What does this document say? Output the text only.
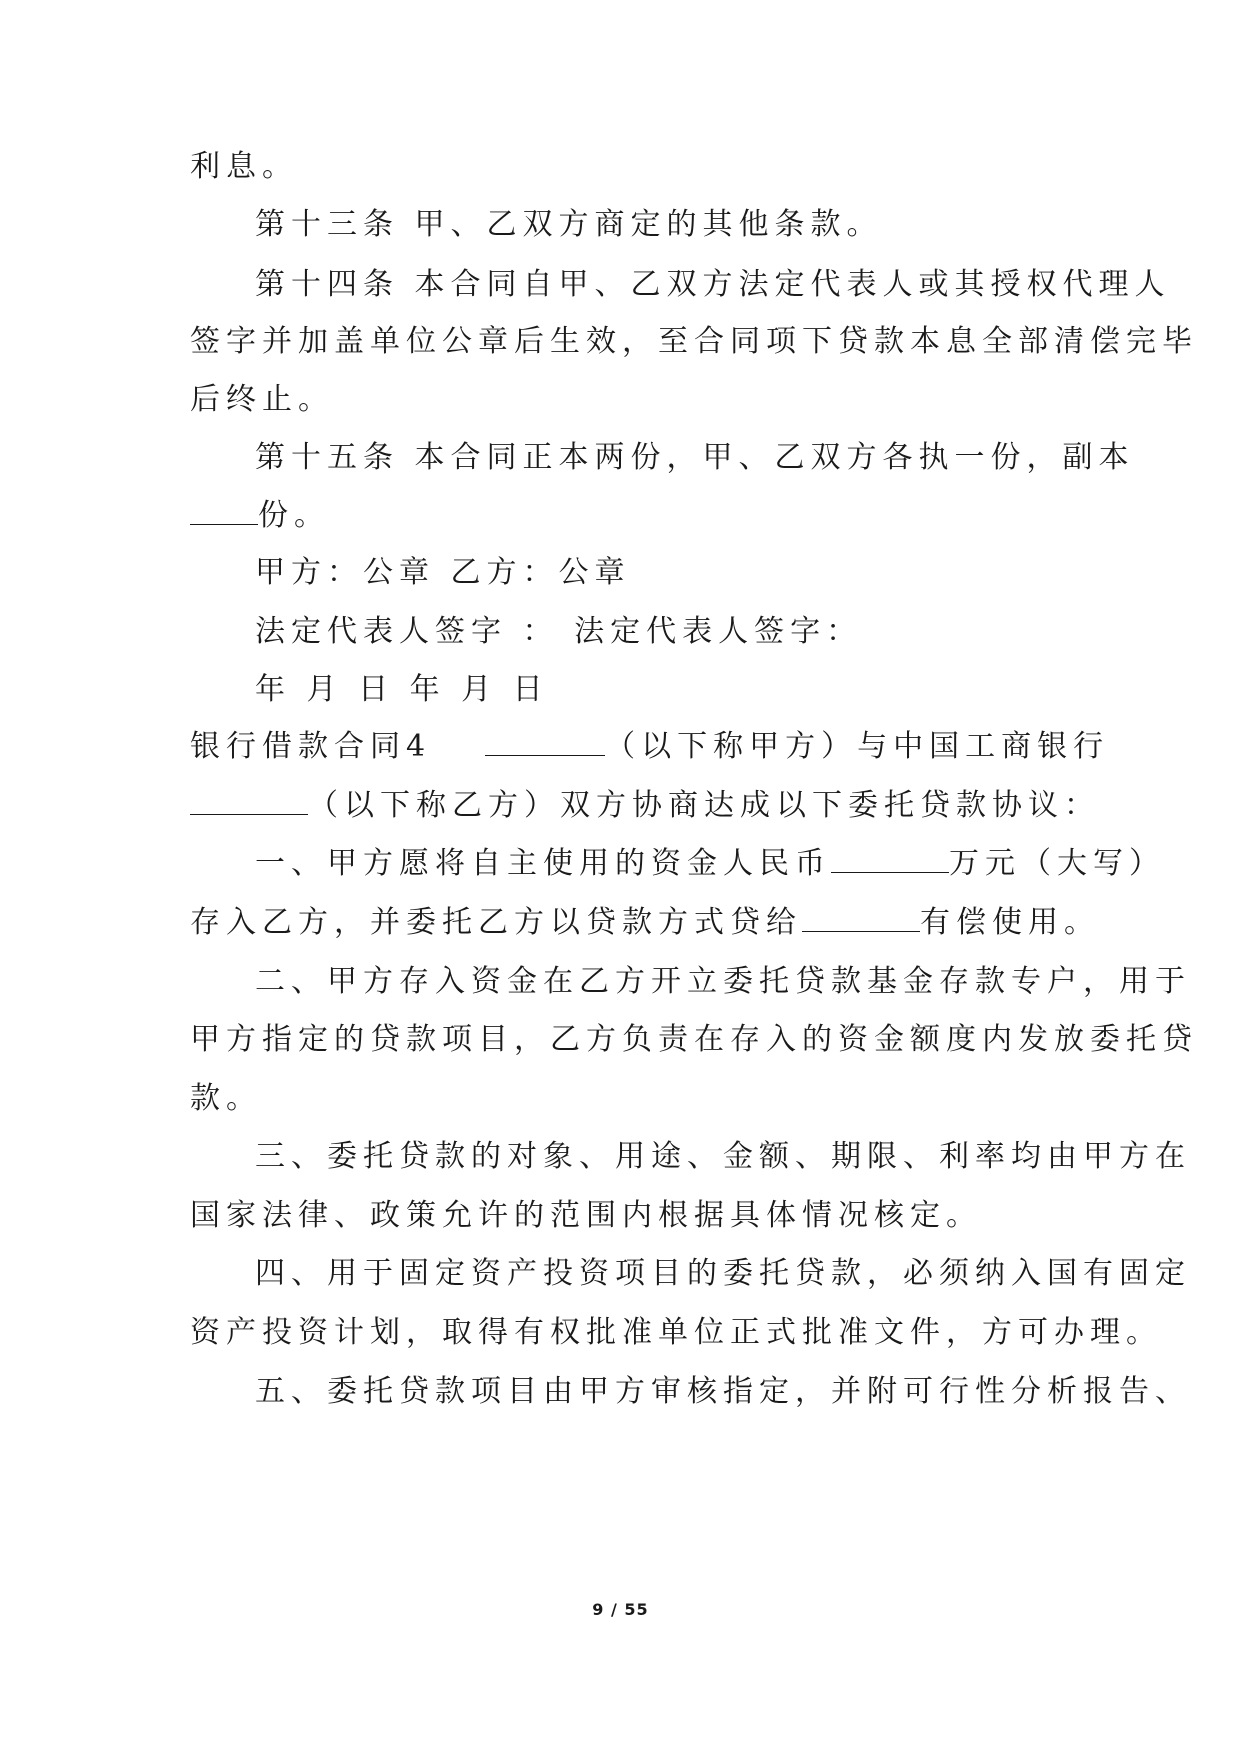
利息。
第十三条 甲、乙双方商定的其他条款。
第十四条 本合同自甲、乙双方法定代表人或其授权代理人
签字并加盖单位公章后生效，至合同项下贷款本息全部清偿完毕
后终止。
第十五条 本合同正本两份，甲、乙双方各执一份，副本
份。
甲方：公章 乙方：公章
法定代表人签字 ： 法定代表人签字：
年 月 日 年 月 日
银行借款合同4	（以下称甲方）与中国工商银行
（以下称乙方）双方协商达成以下委托贷款协议：
一、甲方愿将自主使用的资金人民币	万元（大写）
存入乙方，并委托乙方以贷款方式贷给	有偿使用。
二、甲方存入资金在乙方开立委托贷款基金存款专户，用于
甲方指定的贷款项目，乙方负责在存入的资金额度内发放委托贷
款。
三、委托贷款的对象、用途、金额、期限、利率均由甲方在
国家法律、政策允许的范围内根据具体情况核定。
四、用于固定资产投资项目的委托贷款，必须纳入国有固定
资产投资计划，取得有权批准单位正式批准文件，方可办理。
五、委托贷款项目由甲方审核指定，并附可行性分析报告、
9 / 55
